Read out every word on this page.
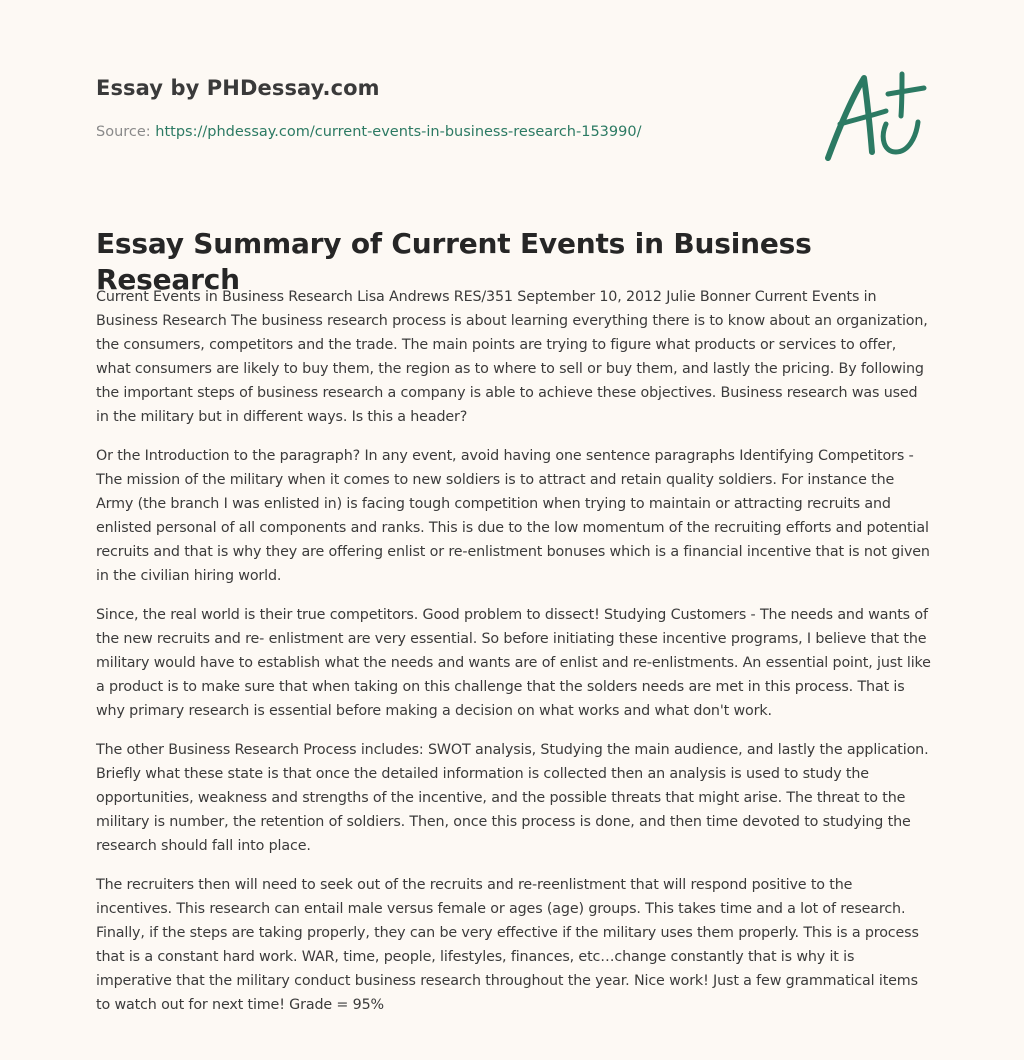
Essay by PHDessay.com
Source: https://phdessay.com/current-events-in-business-research-153990/
Essay Summary of Current Events in Business Research

Current Events in Business Research Lisa Andrews RES/351 September 10, 2012 Julie Bonner Current Events in Business Research The business research process is about learning everything there is to know about an organization, the consumers, competitors and the trade. The main points are trying to figure what products or services to offer, what consumers are likely to buy them, the region as to where to sell or buy them, and lastly the pricing. By following the important steps of business research a company is able to achieve these objectives. Business research was used in the military but in different ways. Is this a header?

Or the Introduction to the paragraph? In any event, avoid having one sentence paragraphs Identifying Competitors - The mission of the military when it comes to new soldiers is to attract and retain quality soldiers. For instance the Army (the branch I was enlisted in) is facing tough competition when trying to maintain or attracting recruits and enlisted personal of all components and ranks. This is due to the low momentum of the recruiting efforts and potential recruits and that is why they are offering enlist or re-enlistment bonuses which is a financial incentive that is not given in the civilian hiring world.

Since, the real world is their true competitors. Good problem to dissect! Studying Customers - The needs and wants of the new recruits and re- enlistment are very essential. So before initiating these incentive programs, I believe that the military would have to establish what the needs and wants are of enlist and re-enlistments. An essential point, just like a product is to make sure that when taking on this challenge that the solders needs are met in this process. That is why primary research is essential before making a decision on what works and what don't work.

The other Business Research Process includes: SWOT analysis, Studying the main audience, and lastly the application. Briefly what these state is that once the detailed information is collected then an analysis is used to study the opportunities, weakness and strengths of the incentive, and the possible threats that might arise. The threat to the military is number, the retention of soldiers. Then, once this process is done, and then time devoted to studying the research should fall into place.

The recruiters then will need to seek out of the recruits and re-reenlistment that will respond positive to the incentives. This research can entail male versus female or ages (age) groups. This takes time and a lot of research. Finally, if the steps are taking properly, they can be very effective if the military uses them properly. This is a process that is a constant hard work. WAR, time, people, lifestyles, finances, etc…change constantly that is why it is imperative that the military conduct business research throughout the year. Nice work! Just a few grammatical items to watch out for next time! Grade = 95%
